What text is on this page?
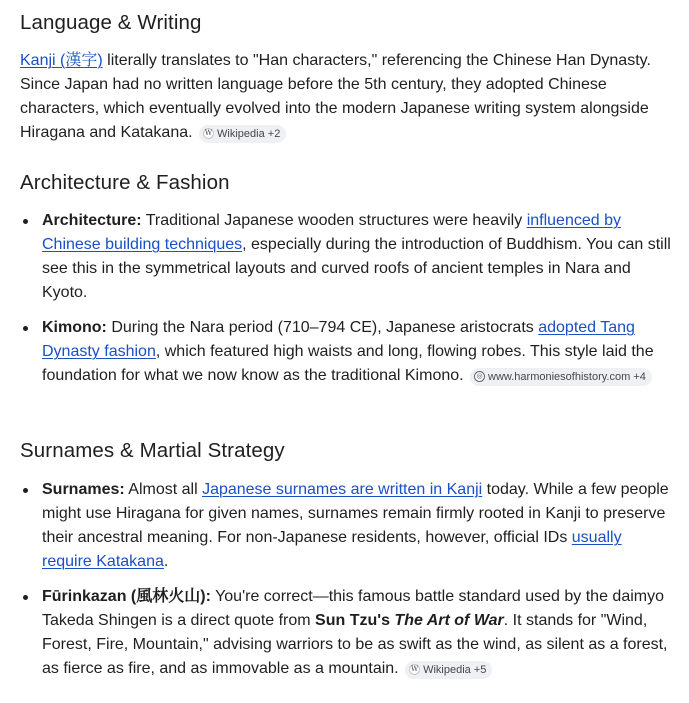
Language & Writing

Kanji (漢字) literally translates to "Han characters," referencing the Chinese Han Dynasty. Since Japan had no written language before the 5th century, they adopted Chinese characters, which eventually evolved into the modern Japanese writing system alongside Hiragana and Katakana. W Wikipedia +2

Architecture & Fashion
Architecture: Traditional Japanese wooden structures were heavily influenced by Chinese building techniques, especially during the introduction of Buddhism. You can still see this in the symmetrical layouts and curved roofs of ancient temples in Nara and Kyoto.
Kimono: During the Nara period (710–794 CE), Japanese aristocrats adopted Tang Dynasty fashion, which featured high waists and long, flowing robes. This style laid the foundation for what we now know as the traditional Kimono.	◎ www.harmoniesofhistory.com +4
Surnames & Martial Strategy
Surnames: Almost all Japanese surnames are written in Kanji today. While a few people might use Hiragana for given names, surnames remain firmly rooted in Kanji to preserve their ancestral meaning. For non-Japanese residents, however, official IDs usually require Katakana.
Fūrinkazan (風林火山): You're correct—this famous battle standard used by the daimyo Takeda Shingen is a direct quote from Sun Tzu's The Art of War. It stands for "Wind, Forest, Fire, Mountain," advising warriors to be as swift as the wind, as silent as a forest, as fierce as fire, and as immovable as a mountain. W Wikipedia +5
